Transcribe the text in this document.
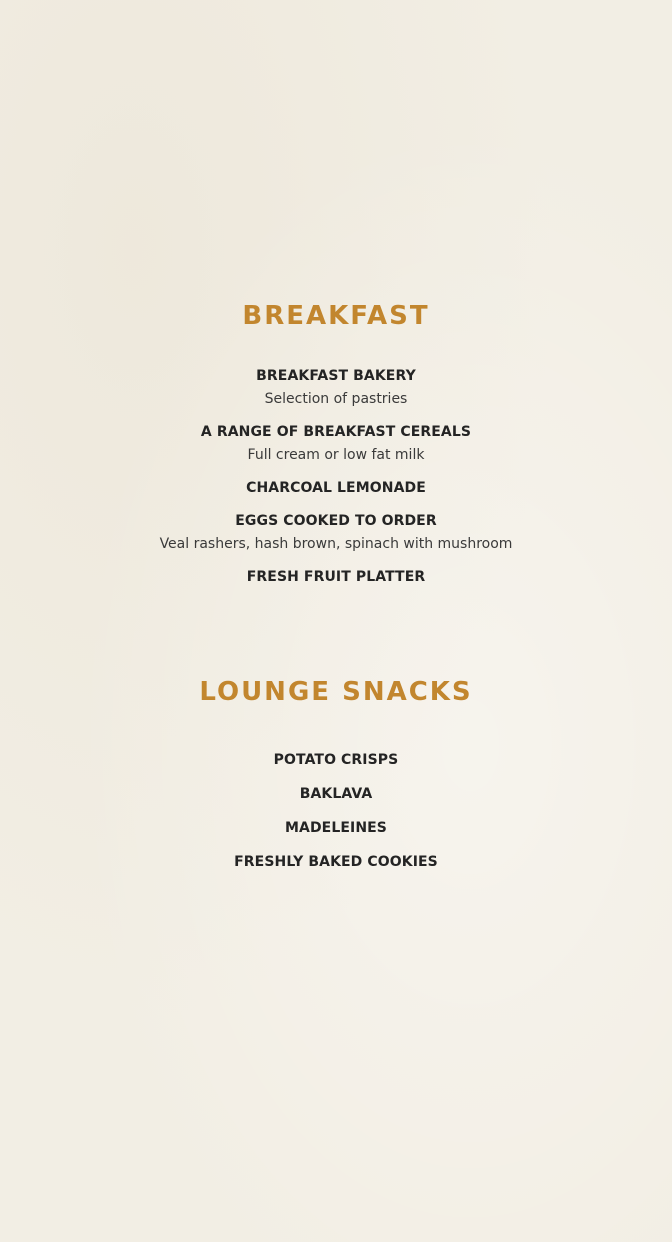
BREAKFAST
BREAKFAST BAKERY
Selection of pastries
A RANGE OF BREAKFAST CEREALS
Full cream or low fat milk
CHARCOAL LEMONADE
EGGS COOKED TO ORDER
Veal rashers, hash brown, spinach with mushroom
FRESH FRUIT PLATTER
LOUNGE SNACKS
POTATO CRISPS
BAKLAVA
MADELEINES
FRESHLY BAKED COOKIES
